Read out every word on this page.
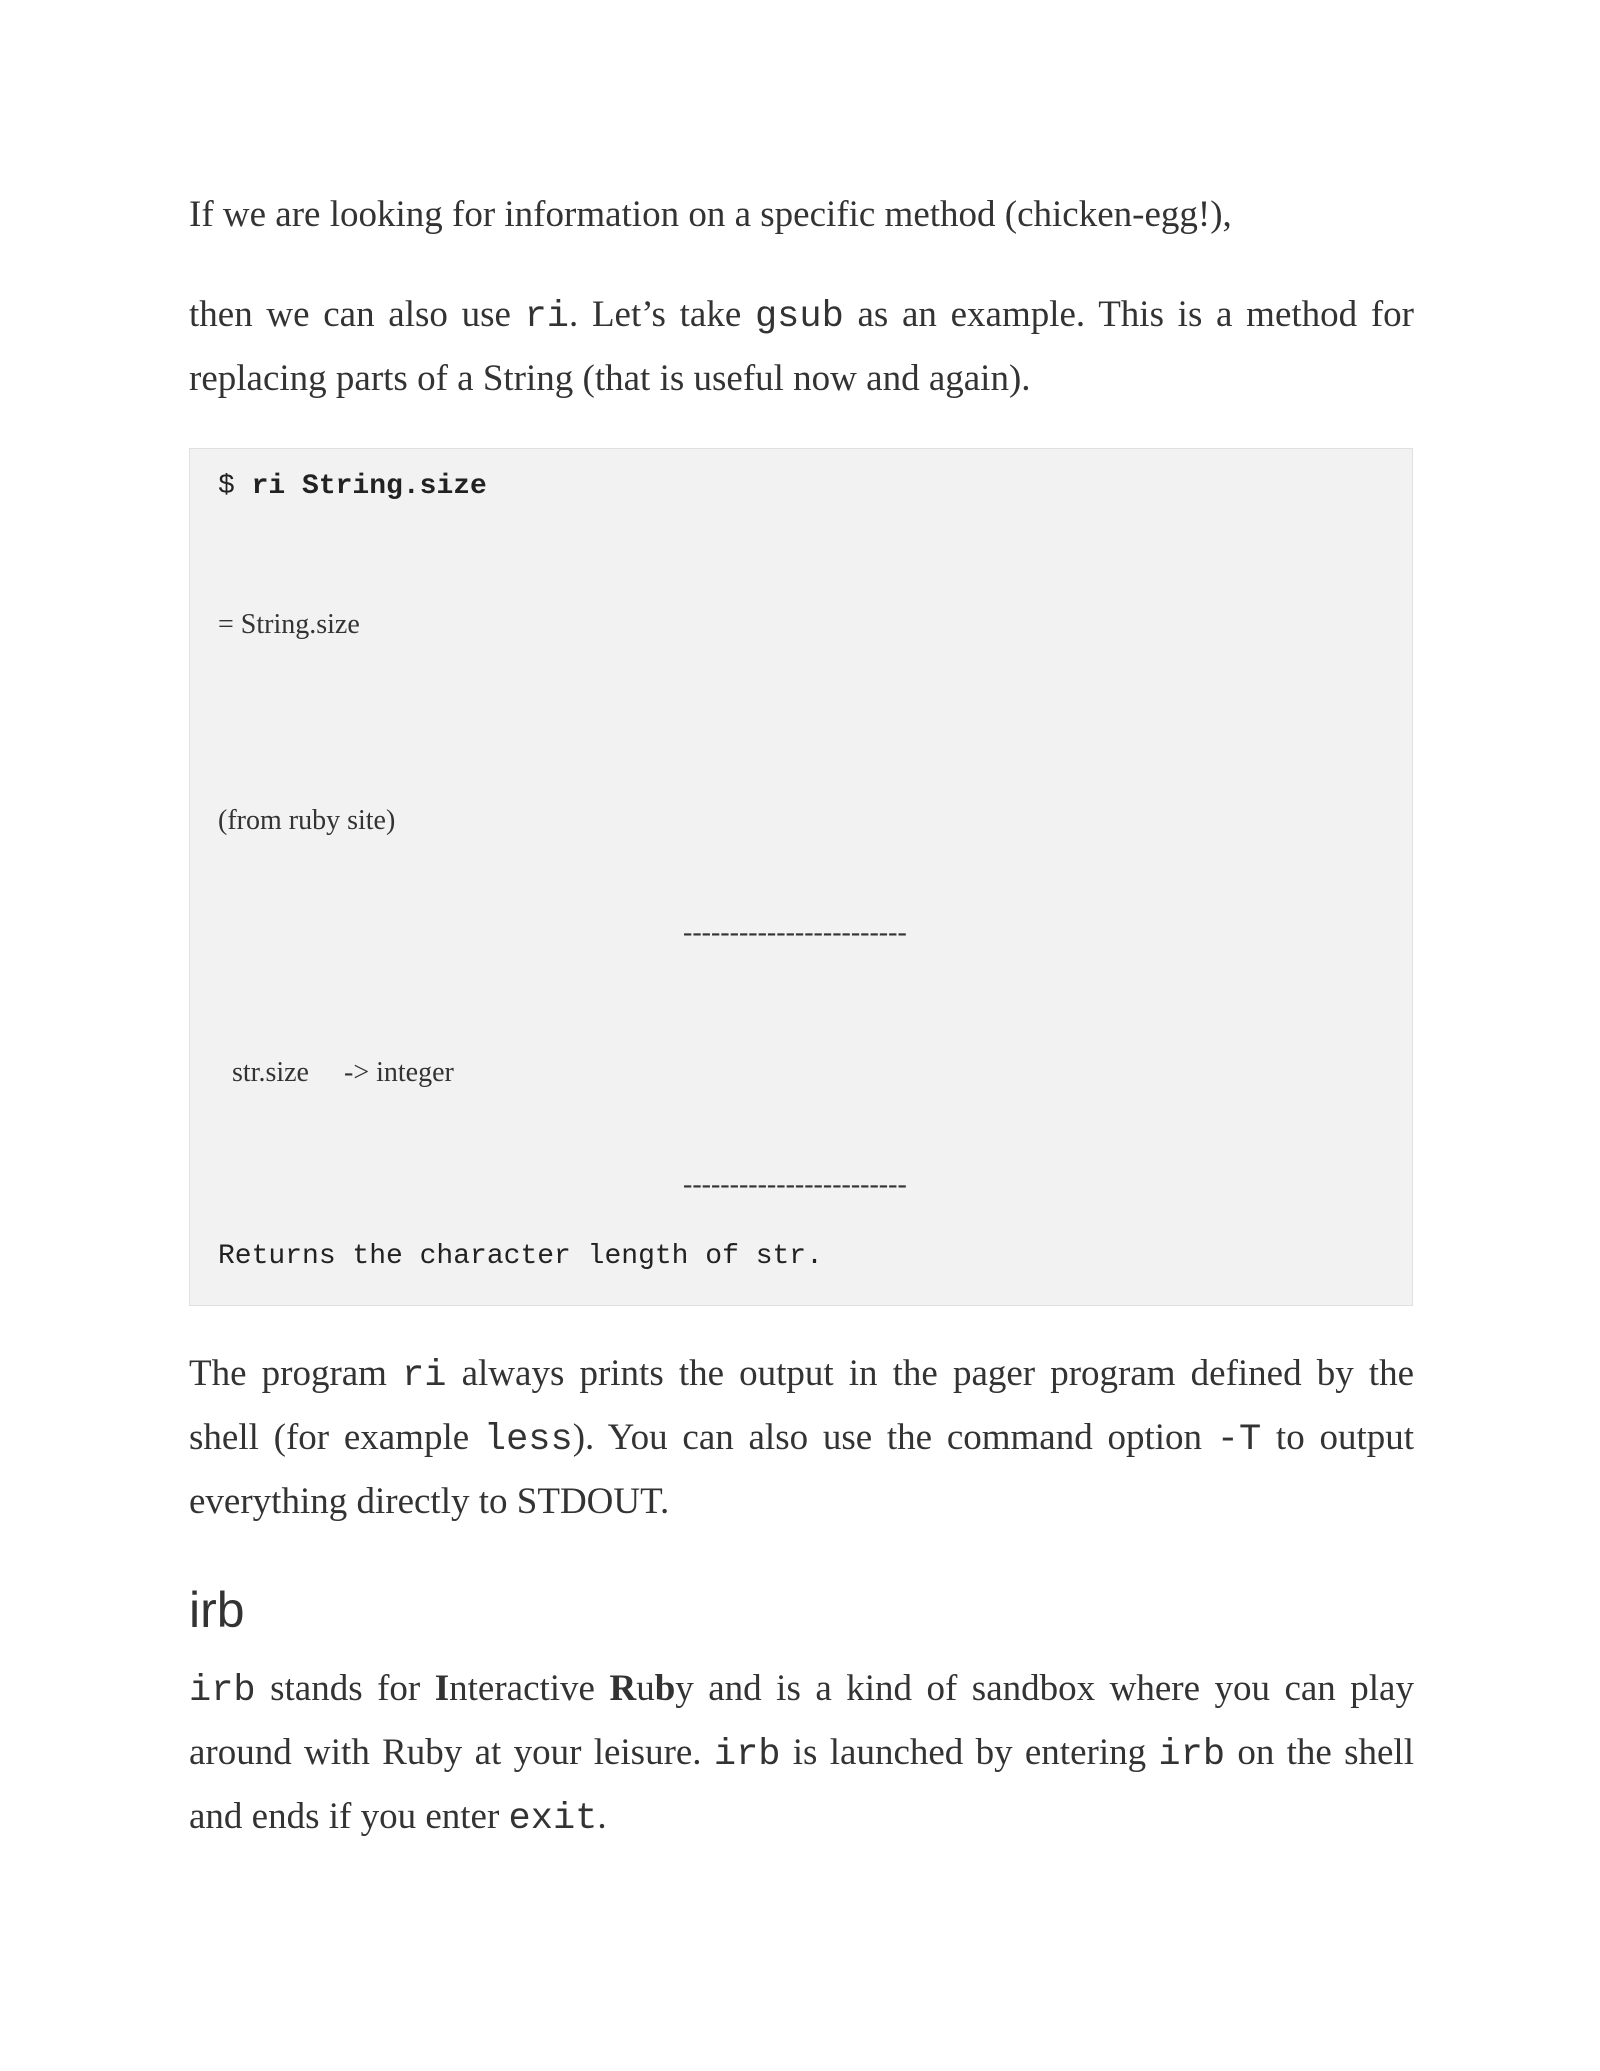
If we are looking for information on a specific method (chicken-egg!),

then we can also use ri. Let’s take gsub as an example. This is a method for replacing parts of a String (that is useful now and again).

$ ri String.size
= String.size
(from ruby site)
------------------------
str.size -> integer
------------------------
Returns the character length of str.

The program ri always prints the output in the pager program defined by the shell (for example less). You can also use the command option -T to output everything directly to STDOUT.

irb

irb stands for Interactive Ruby and is a kind of sandbox where you can play around with Ruby at your leisure. irb is launched by entering irb on the shell and ends if you enter exit.
